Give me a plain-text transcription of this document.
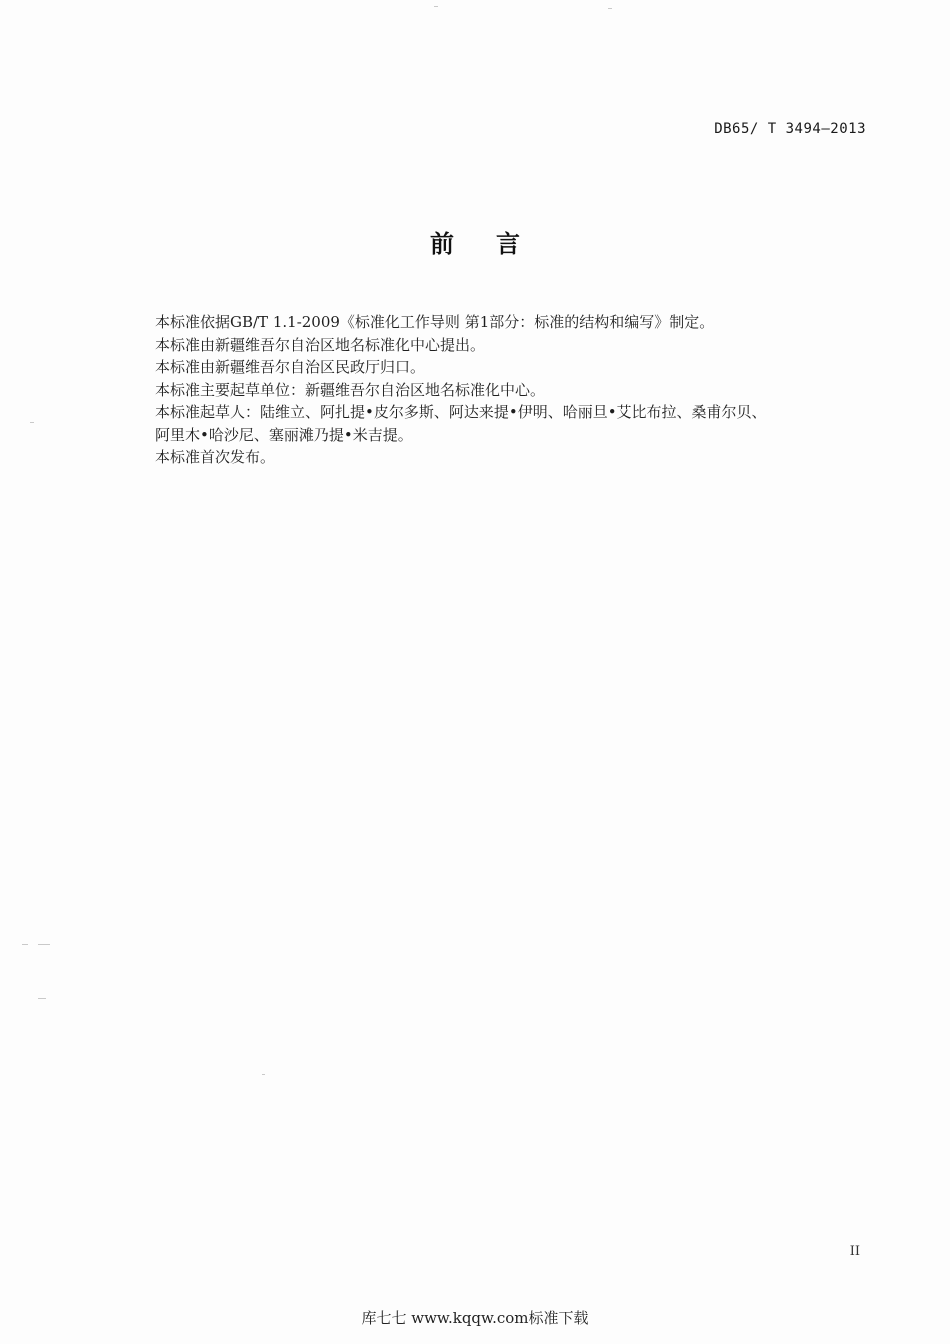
DB65/ T 3494—2013
前言

本标准依据GB/T 1.1-2009《标准化工作导则 第1部分：标准的结构和编写》制定。

本标准由新疆维吾尔自治区地名标准化中心提出。

本标准由新疆维吾尔自治区民政厅归口。

本标准主要起草单位：新疆维吾尔自治区地名标准化中心。

本标准起草人：陆维立、阿扎提•皮尔多斯、阿达来提•伊明、哈丽旦•艾比布拉、桑甫尔贝、

阿里木•哈沙尼、塞丽滩乃提•米吉提。

本标准首次发布。

II
库七七 www.kqqw.com标准下载
